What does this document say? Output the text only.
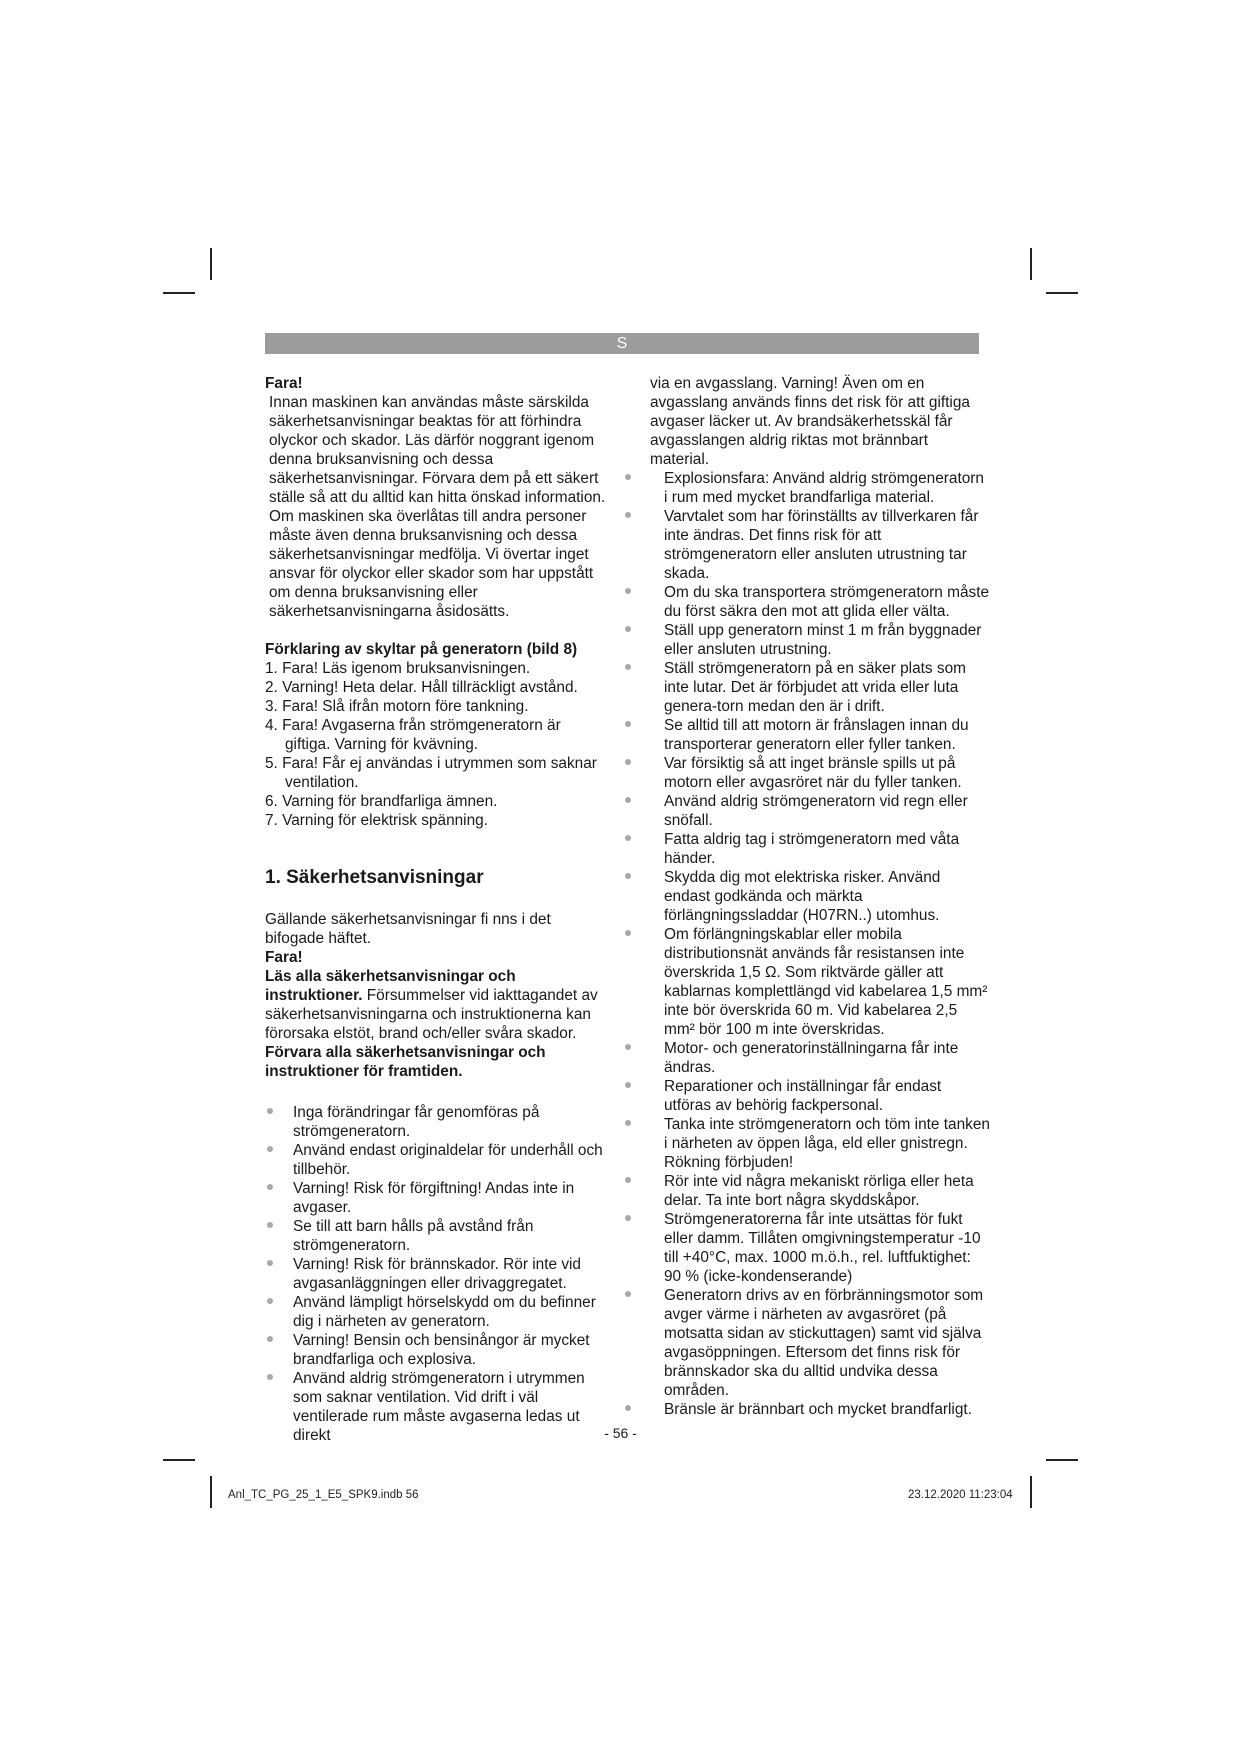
S

Fara!

Innan maskinen kan användas måste särskilda säkerhetsanvisningar beaktas för att förhindra olyckor och skador. Läs därför noggrant igenom denna bruksanvisning och dessa säkerhetsanvisningar. Förvara dem på ett säkert ställe så att du alltid kan hitta önskad information. Om maskinen ska överlåtas till andra personer måste även denna bruksanvisning och dessa säkerhetsanvisningar medfölja. Vi övertar inget ansvar för olyckor eller skador som har uppstått om denna bruksanvisning eller säkerhetsanvisningarna åsidosätts.

Förklaring av skyltar på generatorn (bild 8)

1. Fara! Läs igenom bruksanvisningen.
2. Varning! Heta delar. Håll tillräckligt avstånd.
3. Fara! Slå ifrån motorn före tankning.
4. Fara! Avgaserna från strömgeneratorn är giftiga. Varning för kvävning.
5. Fara! Får ej användas i utrymmen som saknar ventilation.
6. Varning för brandfarliga ämnen.
7. Varning för elektrisk spänning.

1. Säkerhetsanvisningar

Gällande säkerhetsanvisningar fi nns i det bifogade häftet.

Fara!

Läs alla säkerhetsanvisningar och instruktioner. Försummelser vid iakttagandet av säkerhetsanvisningarna och instruktionerna kan förorsaka elstöt, brand och/eller svåra skador. Förvara alla säkerhetsanvisningar och instruktioner för framtiden.

Inga förändringar får genomföras på strömgeneratorn.
Använd endast originaldelar för underhåll och tillbehör.
Varning! Risk för förgiftning! Andas inte in avgaser.
Se till att barn hålls på avstånd från strömgeneratorn.
Varning! Risk för brännskador. Rör inte vid avgasanläggningen eller drivaggregatet.
Använd lämpligt hörselskydd om du befinner dig i närheten av generatorn.
Varning! Bensin och bensinångor är mycket brandfarliga och explosiva.
Använd aldrig strömgeneratorn i utrymmen som saknar ventilation. Vid drift i väl ventilerade rum måste avgaserna ledas ut direkt

via en avgasslang. Varning! Även om en avgasslang används finns det risk för att giftiga avgaser läcker ut. Av brandsäkerhetsskäl får avgasslangen aldrig riktas mot brännbart material.

Explosionsfara: Använd aldrig strömgeneratorn i rum med mycket brandfarliga material.
Varvtalet som har förinställts av tillverkaren får inte ändras. Det finns risk för att strömgeneratorn eller ansluten utrustning tar skada.
Om du ska transportera strömgeneratorn måste du först säkra den mot att glida eller välta.
Ställ upp generatorn minst 1 m från byggnader eller ansluten utrustning.
Ställ strömgeneratorn på en säker plats som inte lutar. Det är förbjudet att vrida eller luta genera-torn medan den är i drift.
Se alltid till att motorn är frånslagen innan du transporterar generatorn eller fyller tanken.
Var försiktig så att inget bränsle spills ut på motorn eller avgasröret när du fyller tanken.
Använd aldrig strömgeneratorn vid regn eller snöfall.
Fatta aldrig tag i strömgeneratorn med våta händer.
Skydda dig mot elektriska risker. Använd endast godkända och märkta förlängningssladdar (H07RN..) utomhus.
Om förlängningskablar eller mobila distributionsnät används får resistansen inte överskrida 1,5 Ω. Som riktvärde gäller att kablarnas komplettlängd vid kabelarea 1,5 mm² inte bör överskrida 60 m. Vid kabelarea 2,5 mm² bör 100 m inte överskridas.
Motor- och generatorinställningarna får inte ändras.
Reparationer och inställningar får endast utföras av behörig fackpersonal.
Tanka inte strömgeneratorn och töm inte tanken i närheten av öppen låga, eld eller gnistregn. Rökning förbjuden!
Rör inte vid några mekaniskt rörliga eller heta delar. Ta inte bort några skyddskåpor.
Strömgeneratorerna får inte utsättas för fukt eller damm. Tillåten omgivningstemperatur -10 till +40°C, max. 1000 m.ö.h., rel. luftfuktighet: 90 % (icke-kondenserande)
Generatorn drivs av en förbränningsmotor som avger värme i närheten av avgasröret (på motsatta sidan av stickuttagen) samt vid själva avgasöppningen. Eftersom det finns risk för brännskador ska du alltid undvika dessa områden.
Bränsle är brännbart och mycket brandfarligt.
- 56 -
Anl_TC_PG_25_1_E5_SPK9.indb 56	23.12.2020 11:23:04
